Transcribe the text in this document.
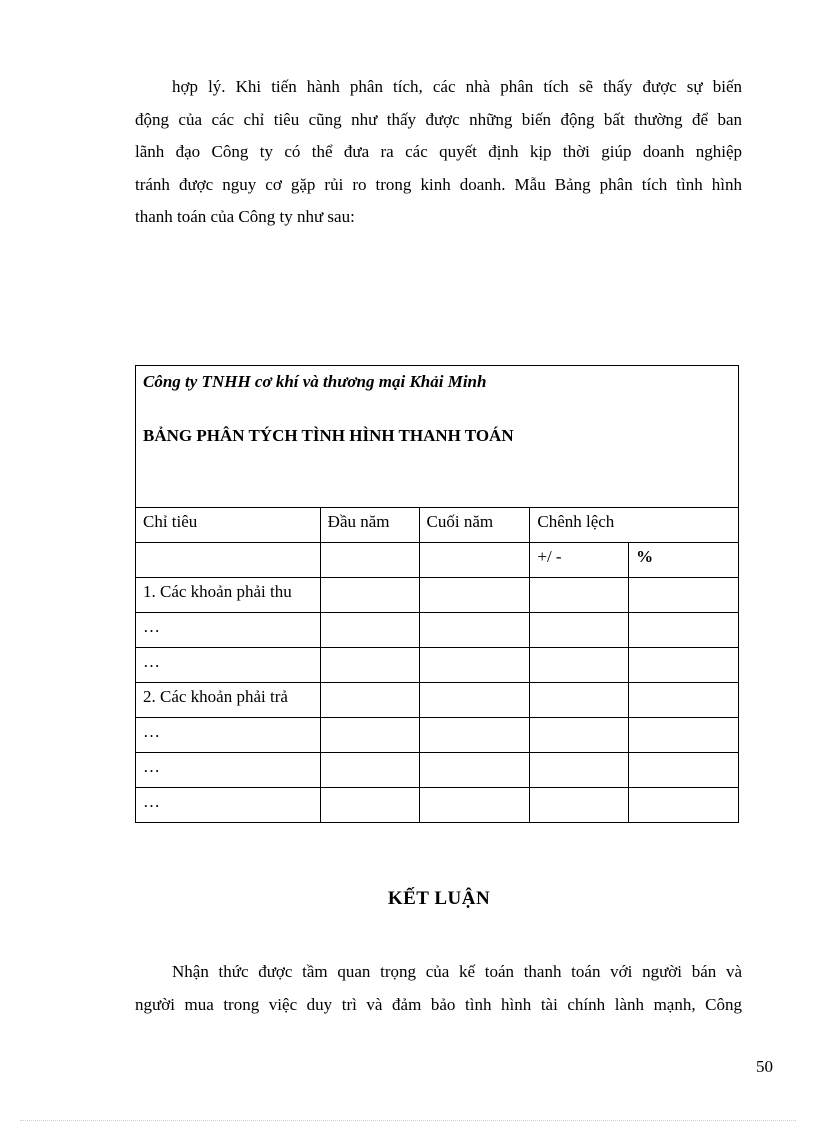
hợp lý. Khi tiến hành phân tích, các nhà phân tích sẽ thấy được sự biến
động của các chỉ tiêu cũng như thấy được những biến động bất thường để ban
lãnh đạo Công ty có thể đưa ra các quyết định kịp thời giúp doanh nghiệp
tránh được nguy cơ gặp rủi ro trong kinh doanh. Mẫu Bảng phân tích tình hình
thanh toán của Công ty như sau:
Công ty TNHH cơ khí và thương mại Khải Minh
BẢNG PHÂN TÝCH TÌNH HÌNH THANH TOÁN				

Chỉ tiêu	Đầu năm	Cuối năm	Chênh lệch	
			+/ -	%
1. Các khoản phải thu				
…				
…				
2. Các khoản phải trả				
…				
…				
…				
KẾT LUẬN
Nhận thức được tầm quan trọng của kế toán thanh toán với người bán và
người mua trong việc duy trì và đảm bảo tình hình tài chính lành mạnh, Công
50
